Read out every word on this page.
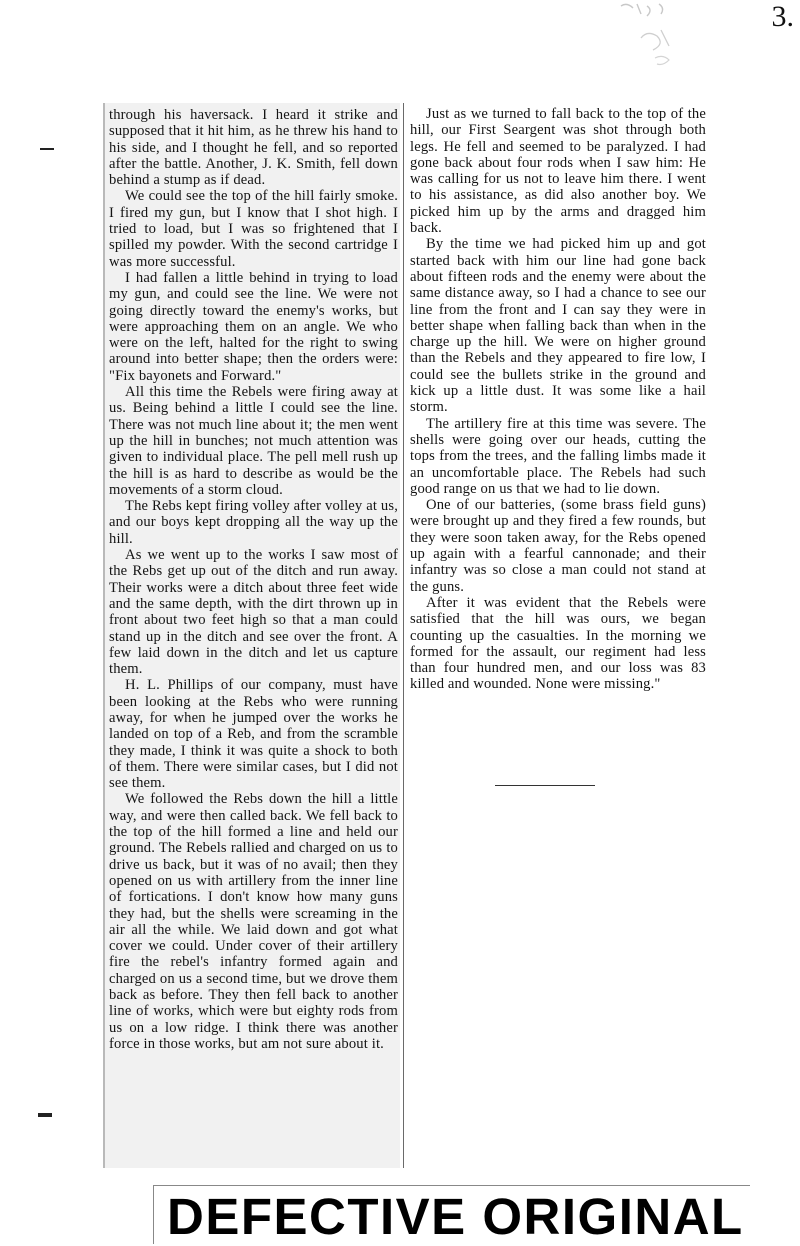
3.

through his haversack. I heard it strike and supposed that it hit him, as he threw his hand to his side, and I thought he fell, and so reported after the battle. Another, J. K. Smith, fell down behind a stump as if dead.

We could see the top of the hill fairly smoke. I fired my gun, but I know that I shot high. I tried to load, but I was so frightened that I spilled my powder. With the second cartridge I was more successful.

I had fallen a little behind in trying to load my gun, and could see the line. We were not going directly toward the enemy's works, but were approaching them on an angle. We who were on the left, halted for the right to swing around into better shape; then the orders were: "Fix bayonets and Forward."

All this time the Rebels were firing away at us. Being behind a little I could see the line. There was not much line about it; the men went up the hill in bunches; not much attention was given to individual place. The pell mell rush up the hill is as hard to describe as would be the movements of a storm cloud.

The Rebs kept firing volley after volley at us, and our boys kept dropping all the way up the hill.

As we went up to the works I saw most of the Rebs get up out of the ditch and run away. Their works were a ditch about three feet wide and the same depth, with the dirt thrown up in front about two feet high so that a man could stand up in the ditch and see over the front. A few laid down in the ditch and let us capture them.

H. L. Phillips of our company, must have been looking at the Rebs who were running away, for when he jumped over the works he landed on top of a Reb, and from the scramble they made, I think it was quite a shock to both of them. There were similar cases, but I did not see them.

We followed the Rebs down the hill a little way, and were then called back. We fell back to the top of the hill formed a line and held our ground. The Rebels rallied and charged on us to drive us back, but it was of no avail; then they opened on us with artillery from the inner line of fortications. I don't know how many guns they had, but the shells were screaming in the air all the while. We laid down and got what cover we could. Under cover of their artillery fire the rebel's infantry formed again and charged on us a second time, but we drove them back as before. They then fell back to another line of works, which were but eighty rods from us on a low ridge. I think there was another force in those works, but am not sure about it.

Just as we turned to fall back to the top of the hill, our First Seargent was shot through both legs. He fell and seemed to be paralyzed. I had gone back about four rods when I saw him: He was calling for us not to leave him there. I went to his assistance, as did also another boy. We picked him up by the arms and dragged him back.

By the time we had picked him up and got started back with him our line had gone back about fifteen rods and the enemy were about the same distance away, so I had a chance to see our line from the front and I can say they were in better shape when falling back than when in the charge up the hill. We were on higher ground than the Rebels and they appeared to fire low, I could see the bullets strike in the ground and kick up a little dust. It was some like a hail storm.

The artillery fire at this time was severe. The shells were going over our heads, cutting the tops from the trees, and the falling limbs made it an uncomfortable place. The Rebels had such good range on us that we had to lie down.

One of our batteries, (some brass field guns) were brought up and they fired a few rounds, but they were soon taken away, for the Rebs opened up again with a fearful cannonade; and their infantry was so close a man could not stand at the guns.

After it was evident that the Rebels were satisfied that the hill was ours, we began counting up the casualties. In the morning we formed for the assault, our regiment had less than four hundred men, and our loss was 83 killed and wounded. None were missing."

DEFECTIVE ORIGINAL
